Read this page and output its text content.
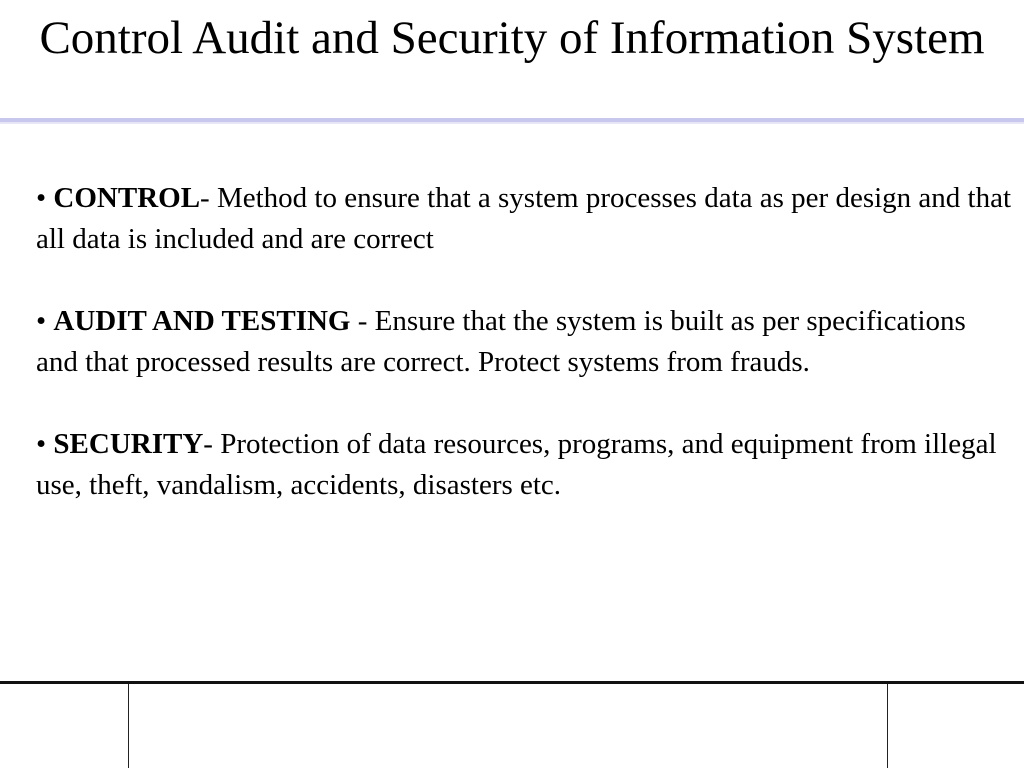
Control Audit and Security of Information System

• CONTROL- Method to ensure that a system processes data as per design and that all data is included and are correct

• AUDIT AND TESTING - Ensure that the system is built as per specifications and that processed results are correct. Protect systems from frauds.

• SECURITY- Protection of data resources, programs, and equipment from illegal use, theft, vandalism, accidents, disasters etc.
